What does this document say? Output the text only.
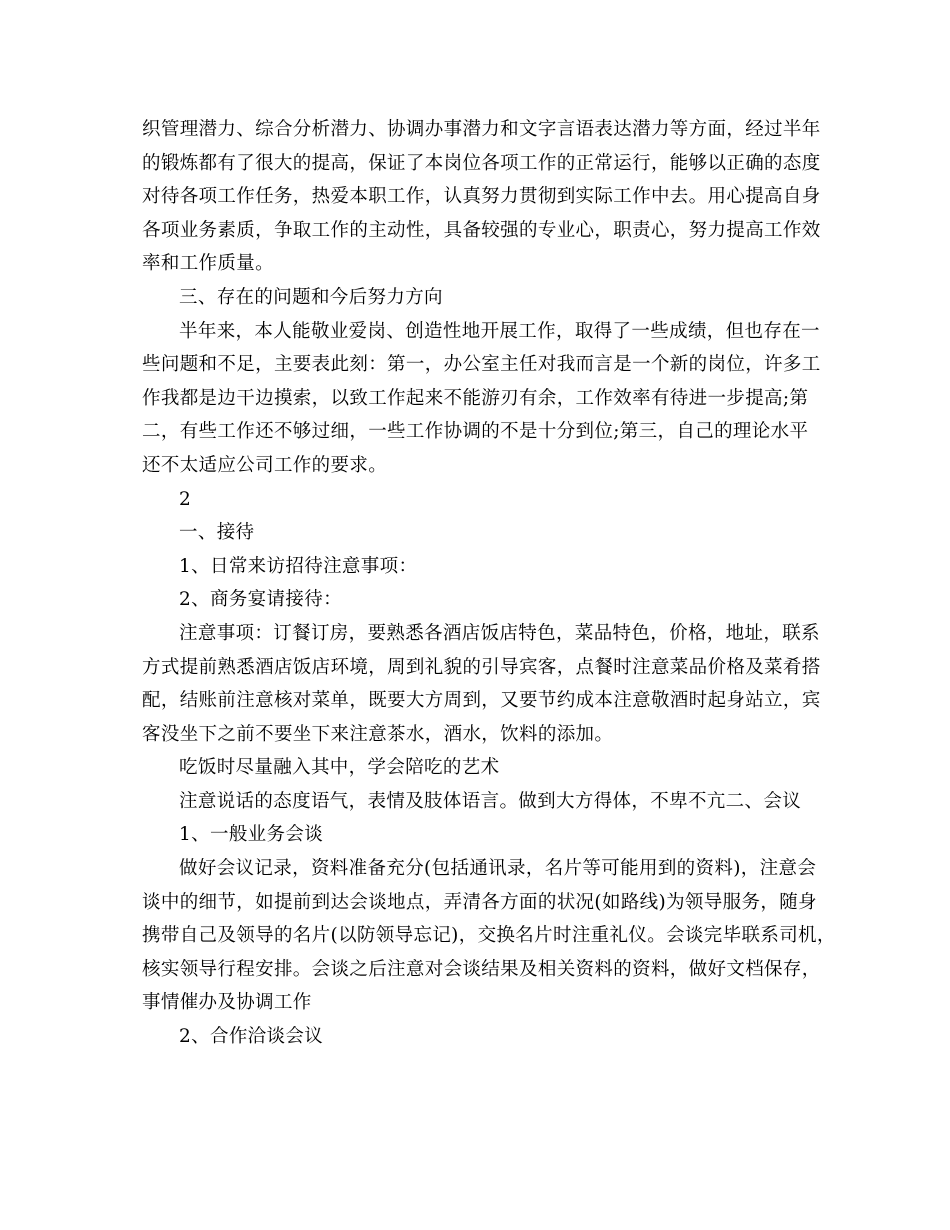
织管理潜力、综合分析潜力、协调办事潜力和文字言语表达潜力等方面，经过半年
的锻炼都有了很大的提高，保证了本岗位各项工作的正常运行，能够以正确的态度
对待各项工作任务，热爱本职工作，认真努力贯彻到实际工作中去。用心提高自身
各项业务素质，争取工作的主动性，具备较强的专业心，职责心，努力提高工作效
率和工作质量。
三、存在的问题和今后努力方向
半年来，本人能敬业爱岗、创造性地开展工作，取得了一些成绩，但也存在一
些问题和不足，主要表此刻：第一，办公室主任对我而言是一个新的岗位，许多工
作我都是边干边摸索，以致工作起来不能游刃有余，工作效率有待进一步提高;第
二，有些工作还不够过细，一些工作协调的不是十分到位;第三，自己的理论水平
还不太适应公司工作的要求。
2
一、接待
1、日常来访招待注意事项：
2、商务宴请接待：
注意事项：订餐订房，要熟悉各酒店饭店特色，菜品特色，价格，地址，联系
方式提前熟悉酒店饭店环境，周到礼貌的引导宾客，点餐时注意菜品价格及菜肴搭
配，结账前注意核对菜单，既要大方周到，又要节约成本注意敬酒时起身站立，宾
客没坐下之前不要坐下来注意茶水，酒水，饮料的添加。
吃饭时尽量融入其中，学会陪吃的艺术
注意说话的态度语气，表情及肢体语言。做到大方得体，不卑不亢二、会议
1、一般业务会谈
做好会议记录，资料准备充分(包括通讯录，名片等可能用到的资料)，注意会
谈中的细节，如提前到达会谈地点，弄清各方面的状况(如路线)为领导服务，随身
携带自己及领导的名片(以防领导忘记)，交换名片时注重礼仪。会谈完毕联系司机，
核实领导行程安排。会谈之后注意对会谈结果及相关资料的资料，做好文档保存，
事情催办及协调工作
2、合作洽谈会议
